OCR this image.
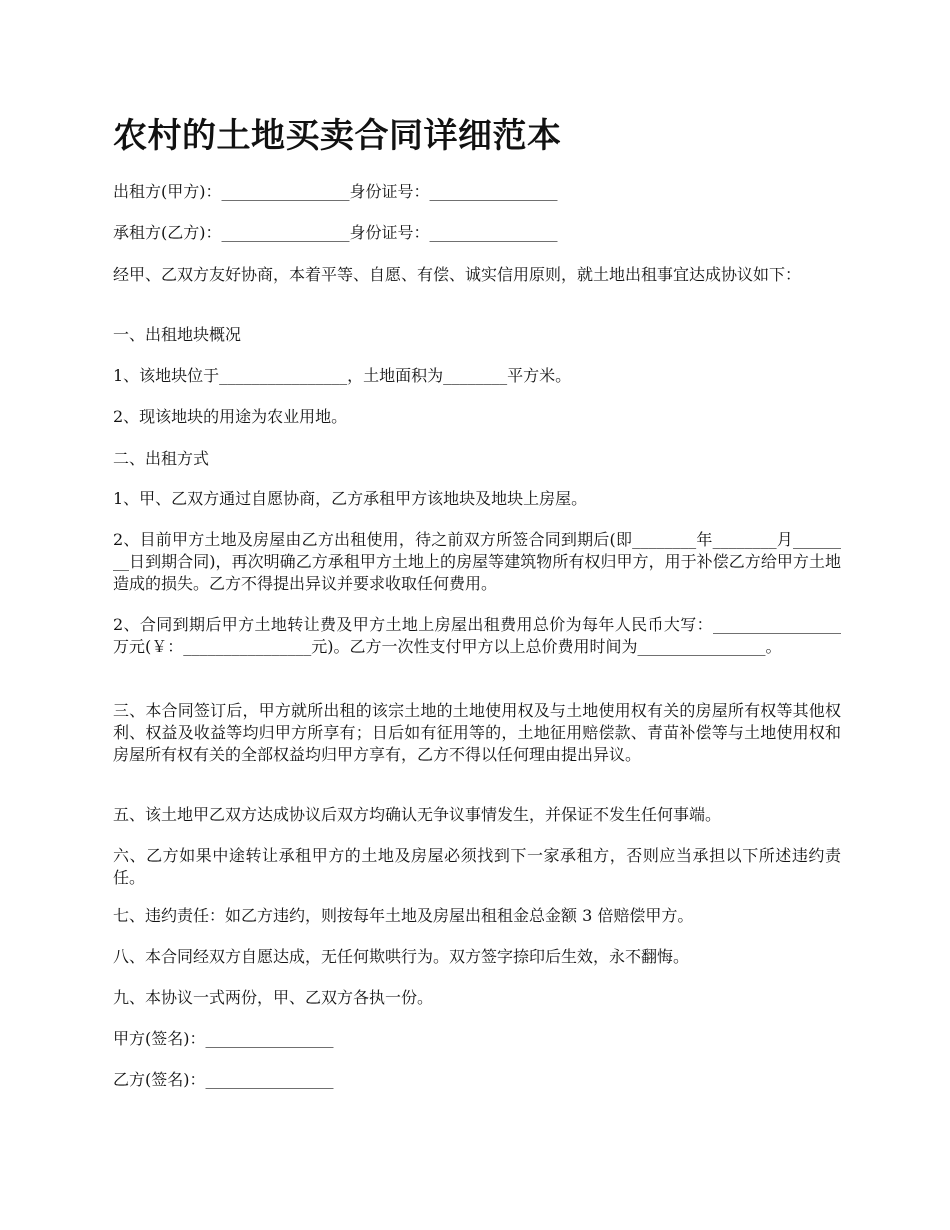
农村的土地买卖合同详细范本

出租方(甲方)：________________身份证号：________________

承租方(乙方)：________________身份证号：________________

经甲、乙双方友好协商，本着平等、自愿、有偿、诚实信用原则，就土地出租事宜达成协议如下：

一、出租地块概况

1、该地块位于________________，土地面积为________平方米。

2、现该地块的用途为农业用地。

二、出租方式

1、甲、乙双方通过自愿协商，乙方承租甲方该地块及地块上房屋。

2、目前甲方土地及房屋由乙方出租使用，待之前双方所签合同到期后(即________年________月________日到期合同)，再次明确乙方承租甲方土地上的房屋等建筑物所有权归甲方，用于补偿乙方给甲方土地造成的损失。乙方不得提出异议并要求收取任何费用。

2、合同到期后甲方土地转让费及甲方土地上房屋出租费用总价为每年人民币大写：________________万元(￥：________________元)。乙方一次性支付甲方以上总价费用时间为________________。

三、本合同签订后，甲方就所出租的该宗土地的土地使用权及与土地使用权有关的房屋所有权等其他权利、权益及收益等均归甲方所享有；日后如有征用等的，土地征用赔偿款、青苗补偿等与土地使用权和房屋所有权有关的全部权益均归甲方享有，乙方不得以任何理由提出异议。

五、该土地甲乙双方达成协议后双方均确认无争议事情发生，并保证不发生任何事端。

六、乙方如果中途转让承租甲方的土地及房屋必须找到下一家承租方，否则应当承担以下所述违约责任。

七、违约责任：如乙方违约，则按每年土地及房屋出租租金总金额 3 倍赔偿甲方。

八、本合同经双方自愿达成，无任何欺哄行为。双方签字捺印后生效，永不翻悔。

九、本协议一式两份，甲、乙双方各执一份。

甲方(签名)：________________

乙方(签名)：________________
